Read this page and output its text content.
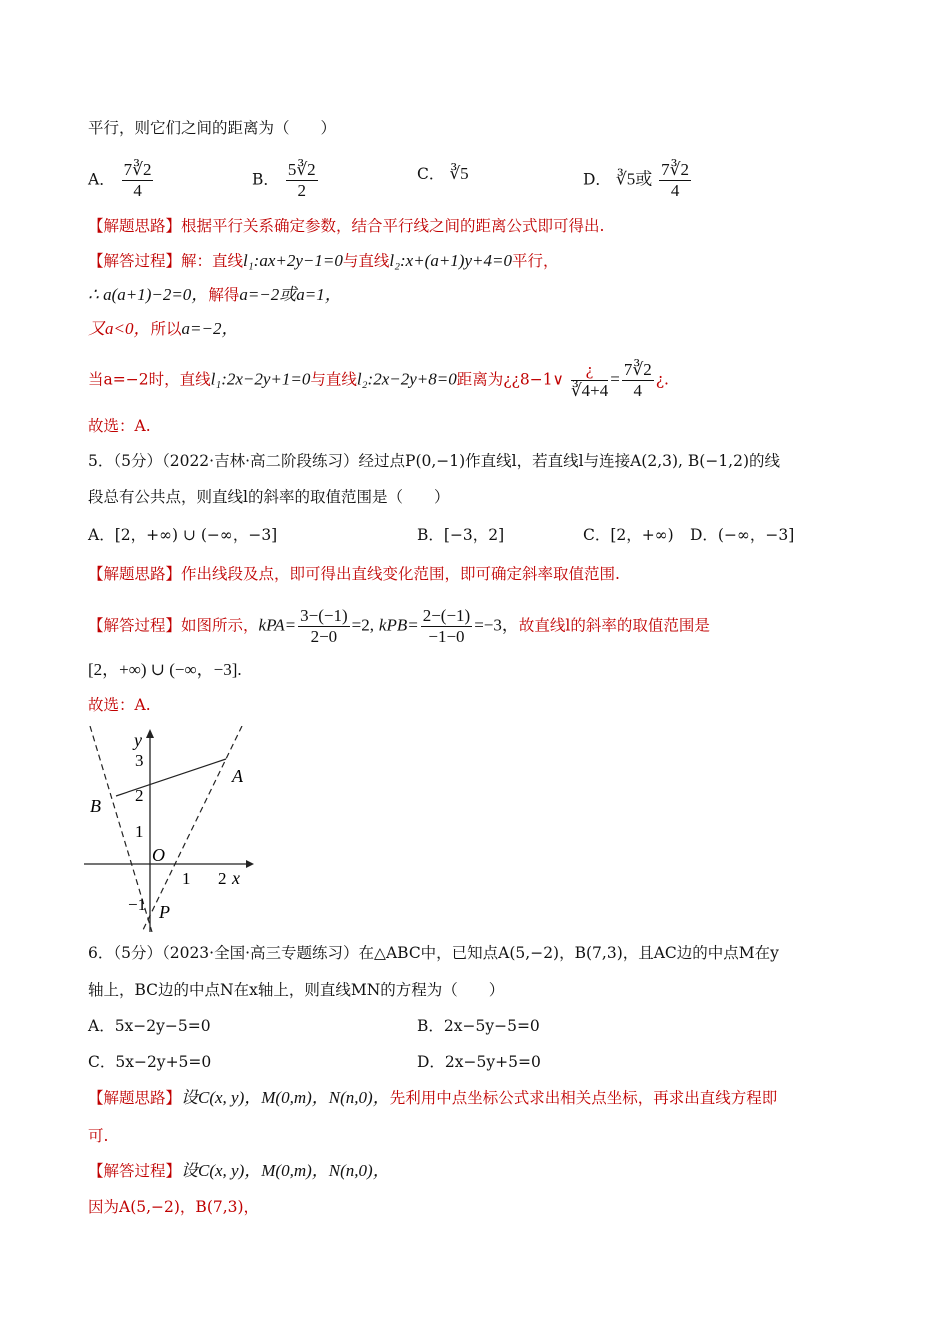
平行，则它们之间的距离为（　　）
A． $\frac{7∛2}{4}$	B． $\frac{5∛2}{2}$	C． ∛5	D． ∛5或 $\frac{7∛2}{4}$
【解题思路】根据平行关系确定参数，结合平行线之间的距离公式即可得出.
【解答过程】解：直线l₁:ax+2y−1=0与直线l₂:x+(a+1)y+4=0平行，
∴ a(a+1)−2=0，解得a=−2或a=1，
又a<0，所以a=−2，
当a=−2时，直线l₁:2x−2y+1=0与直线l₂:2x−2y+8=0距离为¿¿8−1∨ $\frac{¿}{∛4+4} = \frac{7∛2}{4}$ ¿.
故选：A.
5．（5分）（2022·吉林·高二阶段练习）经过点P(0,−1)作直线l，若直线l与连接A(2,3), B(−1,2)的线
段总有公共点，则直线l的斜率的取值范围是（　　）
A．[2，+∞) ∪ (−∞，−3]	B．[−3，2]	C．[2，+∞) D．(−∞，−3]
【解题思路】作出线段及点，即可得出直线变化范围，即可确定斜率取值范围.
【解答过程】如图所示，$kPA= \frac{3-(-1)}{2-0} =2$, $kPB= \frac{2-(-1)}{-1-0} =-3$，故直线l的斜率的取值范围是
[2，+∞) ∪ (−∞，−3].
故选：A.
y
x
3
2
1
O
1 2
−1 P
A
B
6．（5分）（2023·全国·高三专题练习）在△ABC中，已知点A(5,−2)，B(7,3)，且AC边的中点M在y
轴上，BC边的中点N在x轴上，则直线MN的方程为（　　）
A．5x−2y−5=0	B．2x−5y−5=0
C．5x−2y+5=0	D．2x−5y+5=0
【解题思路】设C(x, y)，M(0,m)，N(n,0)，先利用中点坐标公式求出相关点坐标，再求出直线方程即
可.
【解答过程】设C(x, y)，M(0,m)，N(n,0)，
因为A(5,−2)，B(7,3)，
